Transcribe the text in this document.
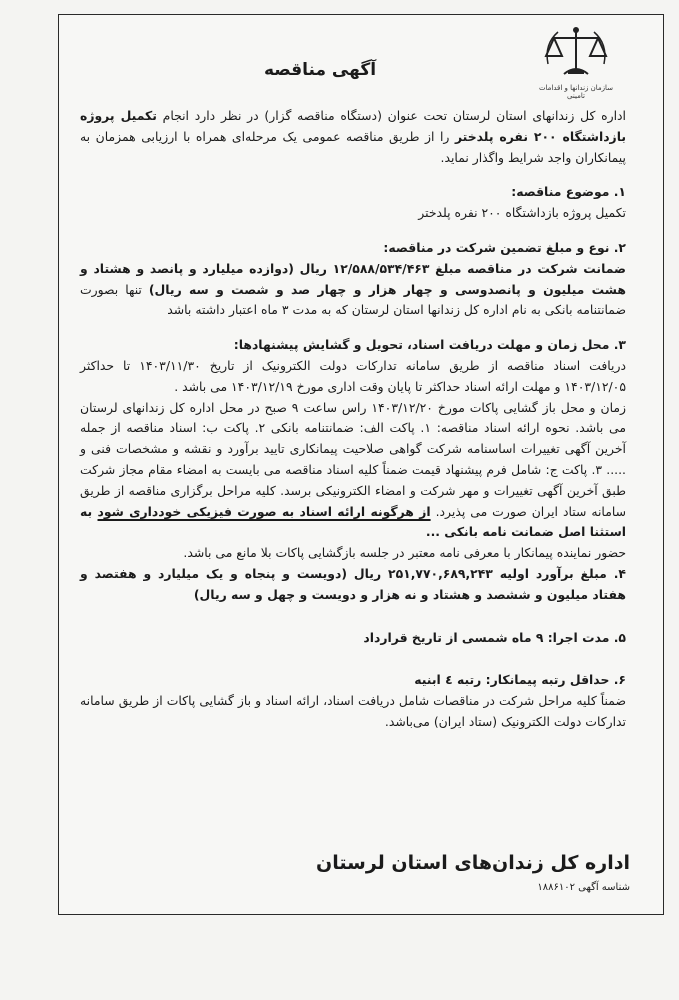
سازمان زندانها و اقدامات تامینی
آگهی مناقصه

اداره کل زندانهای استان لرستان تحت عنوان (دستگاه مناقصه گزار) در نظر دارد انجام تکمیل پروژه بازداشتگاه ۲۰۰ نفره پلدختر را از طریق مناقصه عمومی یک مرحله‌ای همراه با ارزیابی همزمان به پیمانکاران واجد شرایط واگذار نماید.

۱. موضوع مناقصه:

تکمیل پروژه بازداشتگاه ۲۰۰ نفره پلدختر

۲. نوع و مبلغ تضمین شرکت در مناقصه:

ضمانت شرکت در مناقصه مبلغ ۱۲/۵۸۸/۵۳۴/۴۶۳ ریال (دوازده میلیارد و پانصد و هشتاد و هشت میلیون و پانصدوسی و چهار هزار و چهار صد و شصت و سه ریال) تنها بصورت ضمانتنامه بانکی به نام اداره کل زندانها استان لرستان که به مدت ۳ ماه اعتبار داشته باشد

۳. محل زمان و مهلت دریافت اسناد، تحویل و گشایش پیشنهادها:

دریافت اسناد مناقصه از طریق سامانه تدارکات دولت الکترونیک از تاریخ ۱۴۰۳/۱۱/۳۰ تا حداکثر ۱۴۰۳/۱۲/۰۵ و مهلت ارائه اسناد حداکثر تا پایان وقت اداری مورخ ۱۴۰۳/۱۲/۱۹ می باشد .

زمان و محل باز گشایی پاکات مورخ ۱۴۰۳/۱۲/۲۰ راس ساعت ۹ صبح در محل اداره کل زندانهای لرستان می باشد. نحوه ارائه اسناد مناقصه: ۱. پاکت الف: ضمانتنامه بانکی ۲. پاکت ب: اسناد مناقصه از جمله آخرین آگهی تغییرات اساسنامه شرکت گواهی صلاحیت پیمانکاری تایید برآورد و نقشه و مشخصات فنی و ..... ۳. پاکت ج: شامل فرم پیشنهاد قیمت ضمناً کلیه اسناد مناقصه می بایست به امضاء مقام مجاز شرکت طبق آخرین آگهی تغییرات و مهر شرکت و امضاء الکترونیکی برسد. کلیه مراحل برگزاری مناقصه از طریق سامانه ستاد ایران صورت می پذیرد. از هرگونه ارائه اسناد به صورت فیزیکی خودداری شود به استثنا اصل ضمانت نامه بانکی ...

حضور نماینده پیمانکار با معرفی نامه معتبر در جلسه بازگشایی پاکات بلا مانع می باشد.

۴. مبلغ برآورد اولیه ۲۵۱,۷۷۰,۶۸۹,۲۴۳ ریال (دویست و پنجاه و یک میلیارد و هفتصد و هفتاد میلیون و ششصد و هشتاد و نه هزار و دویست و چهل و سه ریال)

۵. مدت اجرا: ۹ ماه شمسی از تاریخ قرارداد

۶. حداقل رتبه پیمانکار: رتبه ٤ ابنیه

ضمناً کلیه مراحل شرکت در مناقصات شامل دریافت اسناد، ارائه اسناد و باز گشایی پاکات از طریق سامانه تدارکات دولت الکترونیک (ستاد ایران) می‌باشد.

اداره کل زندان‌های استان لرستان
شناسه آگهی ۱۸۸۶۱۰۲
